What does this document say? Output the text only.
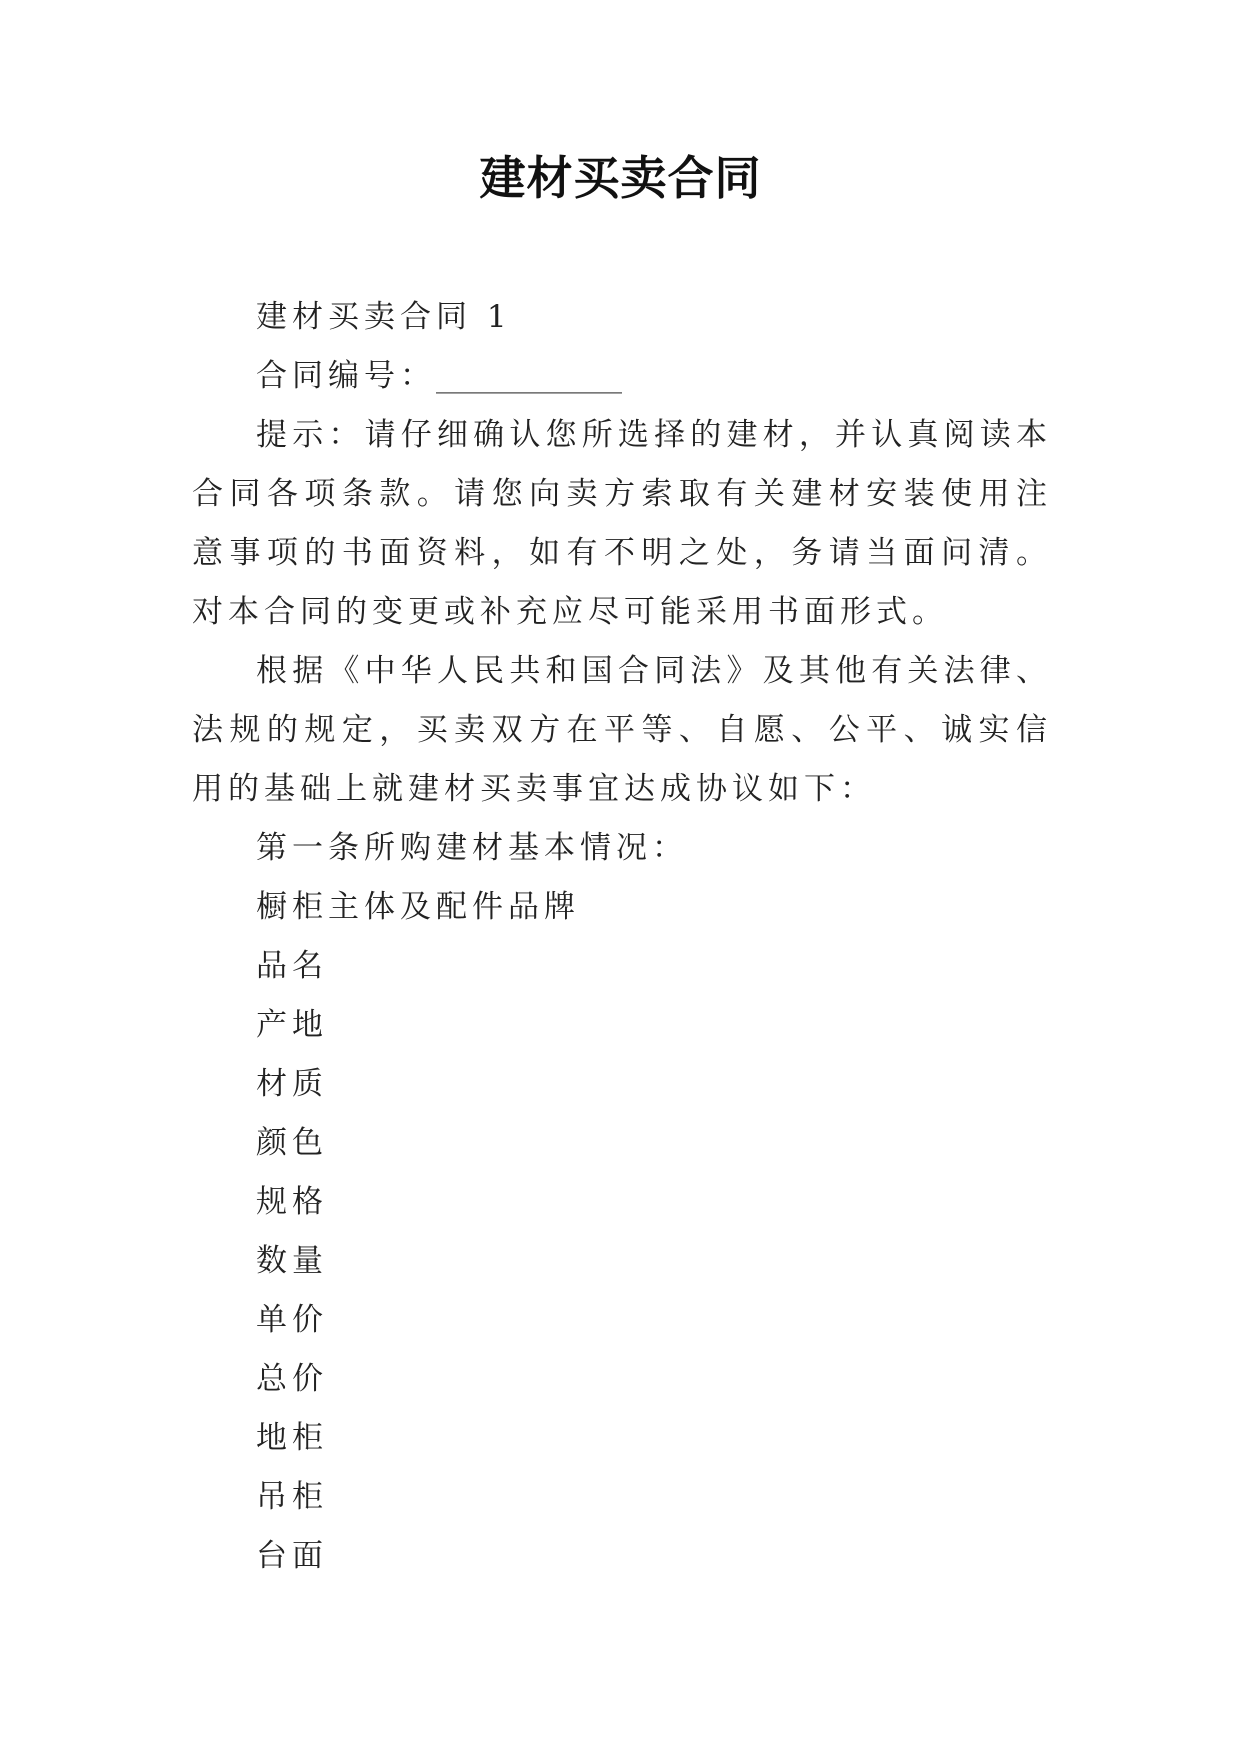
建材买卖合同

建材买卖合同 1

合同编号：____________

提示：请仔细确认您所选择的建材，并认真阅读本合同各项条款。请您向卖方索取有关建材安装使用注意事项的书面资料，如有不明之处，务请当面问清。对本合同的变更或补充应尽可能采用书面形式。

根据《中华人民共和国合同法》及其他有关法律、法规的规定，买卖双方在平等、自愿、公平、诚实信用的基础上就建材买卖事宜达成协议如下：

第一条所购建材基本情况：

橱柜主体及配件品牌

品名

产地

材质

颜色

规格

数量

单价

总价

地柜

吊柜

台面
